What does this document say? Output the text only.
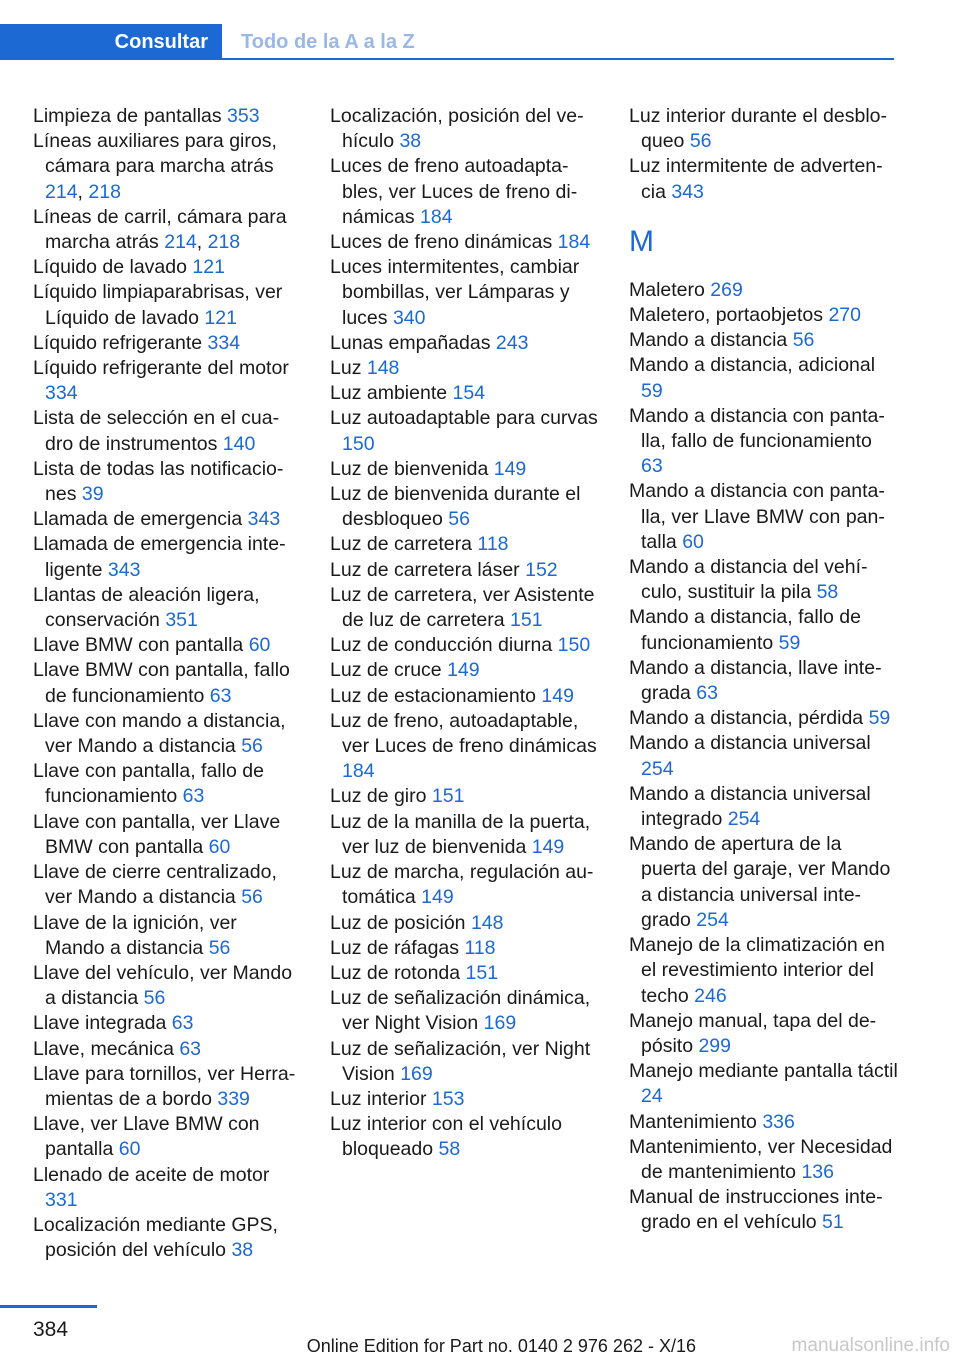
Consultar	Todo de la A a la Z

Limpieza de pantallas 353

Líneas auxiliares para giros, cámara para marcha atrás 214, 218

Líneas de carril, cámara para marcha atrás 214, 218

Líquido de lavado 121

Líquido limpiaparabrisas, ver Líquido de lavado 121

Líquido refrigerante 334

Líquido refrigerante del motor 334

Lista de selección en el cuadro de instrumentos 140

Lista de todas las notificaciones 39

Llamada de emergencia 343

Llamada de emergencia inteligente 343

Llantas de aleación ligera, conservación 351

Llave BMW con pantalla 60

Llave BMW con pantalla, fallo de funcionamiento 63

Llave con mando a distancia, ver Mando a distancia 56

Llave con pantalla, fallo de funcionamiento 63

Llave con pantalla, ver Llave BMW con pantalla 60

Llave de cierre centralizado, ver Mando a distancia 56

Llave de la ignición, ver Mando a distancia 56

Llave del vehículo, ver Mando a distancia 56

Llave integrada 63

Llave, mecánica 63

Llave para tornillos, ver Herramientas de a bordo 339

Llave, ver Llave BMW con pantalla 60

Llenado de aceite de motor 331

Localización mediante GPS, posición del vehículo 38

Localización, posición del vehículo 38

Luces de freno autoadaptables, ver Luces de freno dinámicas 184

Luces de freno dinámicas 184

Luces intermitentes, cambiar bombillas, ver Lámparas y luces 340

Lunas empañadas 243

Luz 148

Luz ambiente 154

Luz autoadaptable para curvas 150

Luz de bienvenida 149

Luz de bienvenida durante el desbloqueo 56

Luz de carretera 118

Luz de carretera láser 152

Luz de carretera, ver Asistente de luz de carretera 151

Luz de conducción diurna 150

Luz de cruce 149

Luz de estacionamiento 149

Luz de freno, autoadaptable, ver Luces de freno dinámicas 184

Luz de giro 151

Luz de la manilla de la puerta, ver luz de bienvenida 149

Luz de marcha, regulación automática 149

Luz de posición 148

Luz de ráfagas 118

Luz de rotonda 151

Luz de señalización dinámica, ver Night Vision 169

Luz de señalización, ver Night Vision 169

Luz interior 153

Luz interior con el vehículo bloqueado 58

Luz interior durante el desbloqueo 56

Luz intermitente de advertencia 343

M

Maletero 269

Maletero, portaobjetos 270

Mando a distancia 56

Mando a distancia, adicional 59

Mando a distancia con pantalla, fallo de funcionamiento 63

Mando a distancia con pantalla, ver Llave BMW con pantalla 60

Mando a distancia del vehículo, sustituir la pila 58

Mando a distancia, fallo de funcionamiento 59

Mando a distancia, llave integrada 63

Mando a distancia, pérdida 59

Mando a distancia universal 254

Mando a distancia universal integrado 254

Mando de apertura de la puerta del garaje, ver Mando a distancia universal integrado 254

Manejo de la climatización en el revestimiento interior del techo 246

Manejo manual, tapa del depósito 299

Manejo mediante pantalla táctil 24

Mantenimiento 336

Mantenimiento, ver Necesidad de mantenimiento 136

Manual de instrucciones integrado en el vehículo 51

384
Online Edition for Part no. 0140 2 976 262 - X/16	manualsonline.info
